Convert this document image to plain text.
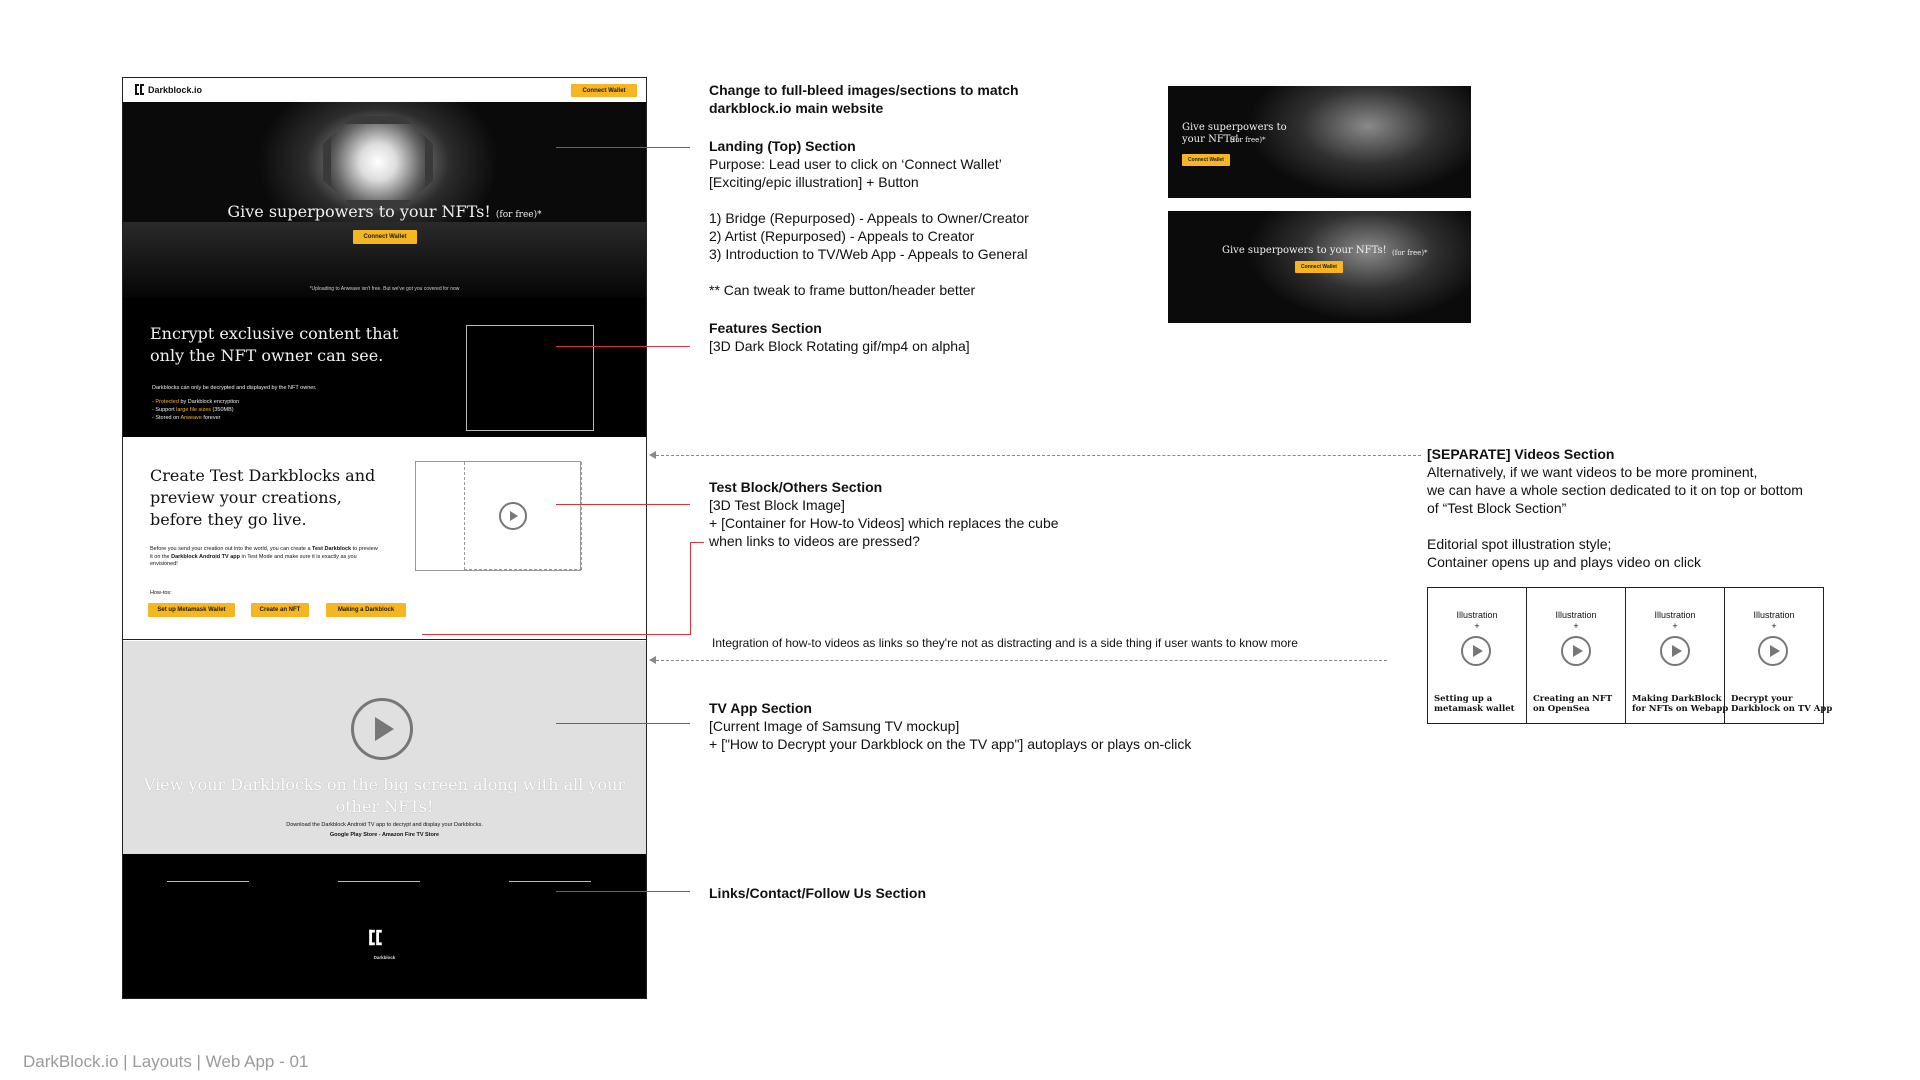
Darkblock.io	Connect Wallet
Give superpowers to your NFTs! (for free)*
Connect Wallet
*Uploading to Arweave isn't free. But we've got you covered for now
Encrypt exclusive content that only the NFT owner can see.
Darkblocks can only be decrypted and displayed by the NFT owner.
- Protected by Darkblock encryption
- Support large file sizes (350MB)
- Stored on Arweave forever
Create Test Darkblocks and preview your creations, before they go live.
Before you send your creation out into the world, you can create a Test Darkblock to preview it on the Darkblock Android TV app in Test Mode and make sure it is exactly as you envisioned!
How-tos:
Set up Metamask Wallet	Create an NFT	Making a Darkblock
View your Darkblocks on the big screen along with all your other NFTs!
Download the Darkblock Android TV app to decrypt and display your Darkblocks.
Google Play Store - Amazon Fire TV Store
Darkblock
Change to full-bleed images/sections to match
darkblock.io main website
Landing (Top) Section
Purpose: Lead user to click on ‘Connect Wallet’
[Exciting/epic illustration] + Button

1) Bridge (Repurposed) - Appeals to Owner/Creator
2) Artist (Repurposed) - Appeals to Creator
3) Introduction to TV/Web App - Appeals to General

** Can tweak to frame button/header better
Features Section
[3D Dark Block Rotating gif/mp4 on alpha]
Test Block/Others Section
[3D Test Block Image]
+ [Container for How-to Videos] which replaces the cube
when links to videos are pressed?
Integration of how-to videos as links so they're not as distracting and is a side thing if user wants to know more
TV App Section
[Current Image of Samsung TV mockup]
+ ["How to Decrypt your Darkblock on the TV app"] autoplays or plays on-click
Links/Contact/Follow Us Section
[SEPARATE] Videos Section
Alternatively, if we want videos to be more prominent,
we can have a whole section dedicated to it on top or bottom
of “Test Block Section”

Editorial spot illustration style;
Container opens up and plays video on click
Give superpowers to
your NFTs!
(for free)*
Connect Wallet
Give superpowers to your NFTs! (for free)*
Connect Wallet
Illustration
+
Setting up a
metamask wallet
Illustration
+
Creating an NFT
on OpenSea
Illustration
+
Making DarkBlock
for NFTs on Webapp
Illustration
+
Decrypt your
Darkblock on TV App
DarkBlock.io | Layouts | Web App - 01
